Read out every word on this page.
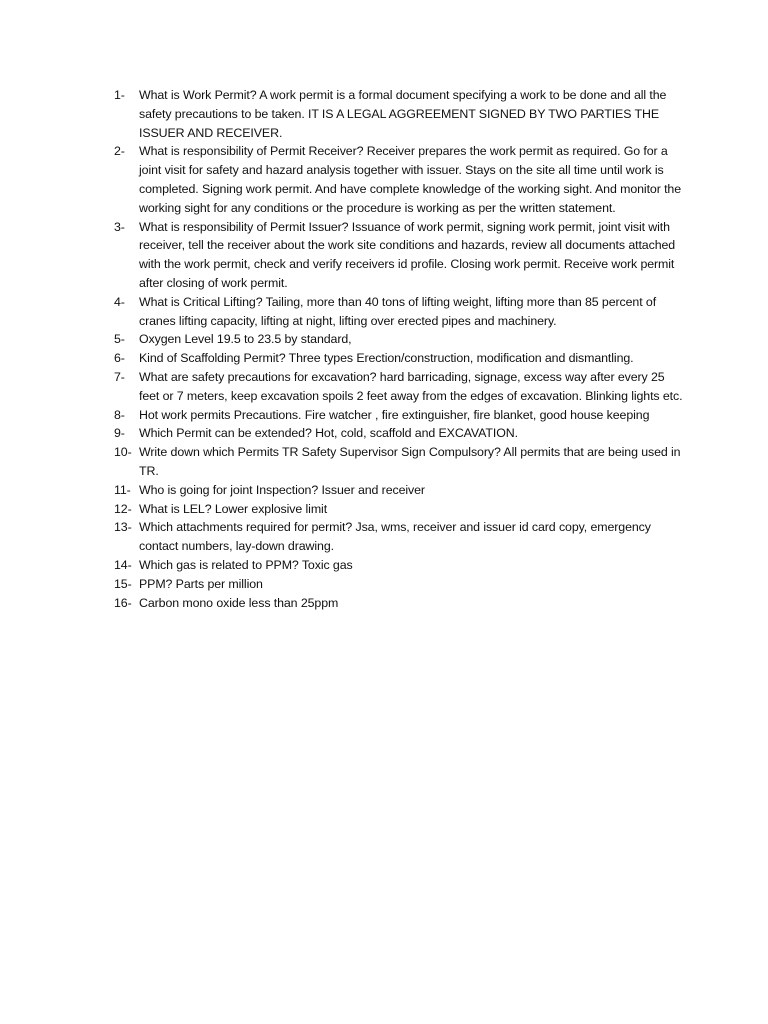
1-	What is Work Permit? A work permit is a formal document specifying a work to be done and all the safety precautions to be taken. IT IS A LEGAL AGGREEMENT SIGNED BY TWO PARTIES THE ISSUER AND RECEIVER.
2-	What is responsibility of Permit Receiver? Receiver prepares the work permit as required. Go for a joint visit for safety and hazard analysis together with issuer. Stays on the site all time until work is completed. Signing work permit. And have complete knowledge of the working sight. And monitor the working sight for any conditions or the procedure is working as per the written statement.
3-	What is responsibility of Permit Issuer? Issuance of work permit, signing work permit, joint visit with receiver, tell the receiver about the work site conditions and hazards, review all documents attached with the work permit, check and verify receivers id profile. Closing work permit. Receive work permit after closing of work permit.
4-	What is Critical Lifting? Tailing, more than 40 tons of lifting weight, lifting more than 85 percent of cranes lifting capacity, lifting at night, lifting over erected pipes and machinery.
5-	Oxygen Level 19.5 to 23.5 by standard,
6-	Kind of Scaffolding Permit? Three types Erection/construction, modification and dismantling.
7-	What are safety precautions for excavation? hard barricading, signage, excess way after every 25 feet or 7 meters, keep excavation spoils 2 feet away from the edges of excavation. Blinking lights etc.
8-	Hot work permits Precautions. Fire watcher , fire extinguisher, fire blanket, good house keeping
9-	Which Permit can be extended? Hot, cold, scaffold and EXCAVATION.
10- Write down which Permits TR Safety Supervisor Sign Compulsory? All permits that are being used in TR.
11- Who is going for joint Inspection? Issuer and receiver
12- What is LEL? Lower explosive limit
13- Which attachments required for permit? Jsa, wms, receiver and issuer id card copy, emergency contact numbers, lay-down drawing.
14- Which gas is related to PPM? Toxic gas
15- PPM? Parts per million
16- Carbon mono oxide less than 25ppm
